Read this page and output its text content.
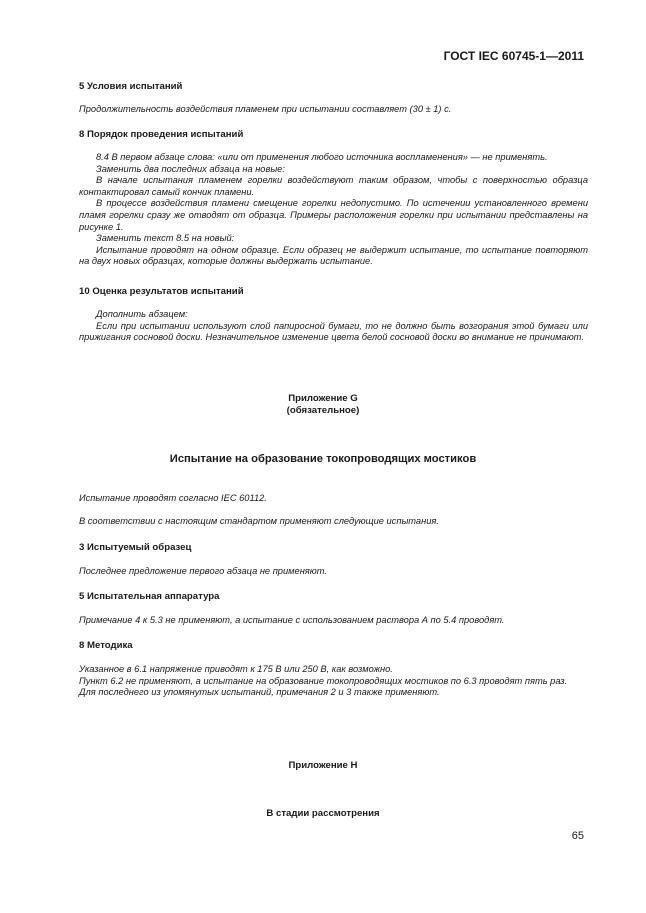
ГОСТ IEC 60745-1—2011
5 Условия испытаний
Продолжительность воздействия пламенем при испытании составляет (30 ± 1) с.
8 Порядок проведения испытаний
8.4 В первом абзаце слова: «или от применения любого источника воспламенения» — не применять.
Заменить два последних абзаца на новые:
В начале испытания пламенем горелки воздействуют таким образом, чтобы с поверхностью образца контактировал самый кончик пламени.
В процессе воздействия пламени смещение горелки недопустимо. По истечении установленного времени пламя горелки сразу же отводят от образца. Примеры расположения горелки при испытании представлены на рисунке 1.
Заменить текст 8.5 на новый:
Испытание проводят на одном образце. Если образец не выдержит испытание, то испытание повторяют на двух новых образцах, которые должны выдержать испытание.
10 Оценка результатов испытаний
Дополнить абзацем:
Если при испытании используют слой папиросной бумаги, то не должно быть возгорания этой бумаги или прижигания сосновой доски. Незначительное изменение цвета белой сосновой доски во внимание не принимают.
Приложение G
(обязательное)
Испытание на образование токопроводящих мостиков
Испытание проводят согласно IEC 60112.
В соответствии с настоящим стандартом применяют следующие испытания.
3 Испытуемый образец
Последнее предложение первого абзаца не применяют.
5 Испытательная аппаратура
Примечание 4 к 5.3 не применяют, а испытание с использованием раствора А по 5.4 проводят.
8 Методика
Указанное в 6.1 напряжение приводят к 175 В или 250 В, как возможно.
Пункт 6.2 не применяют, а испытание на образование токопроводящих мостиков по 6.3 проводят пять раз.
Для последнего из упомянутых испытаний, примечания 2 и 3 также применяют.
Приложение Н
В стадии рассмотрения
65
